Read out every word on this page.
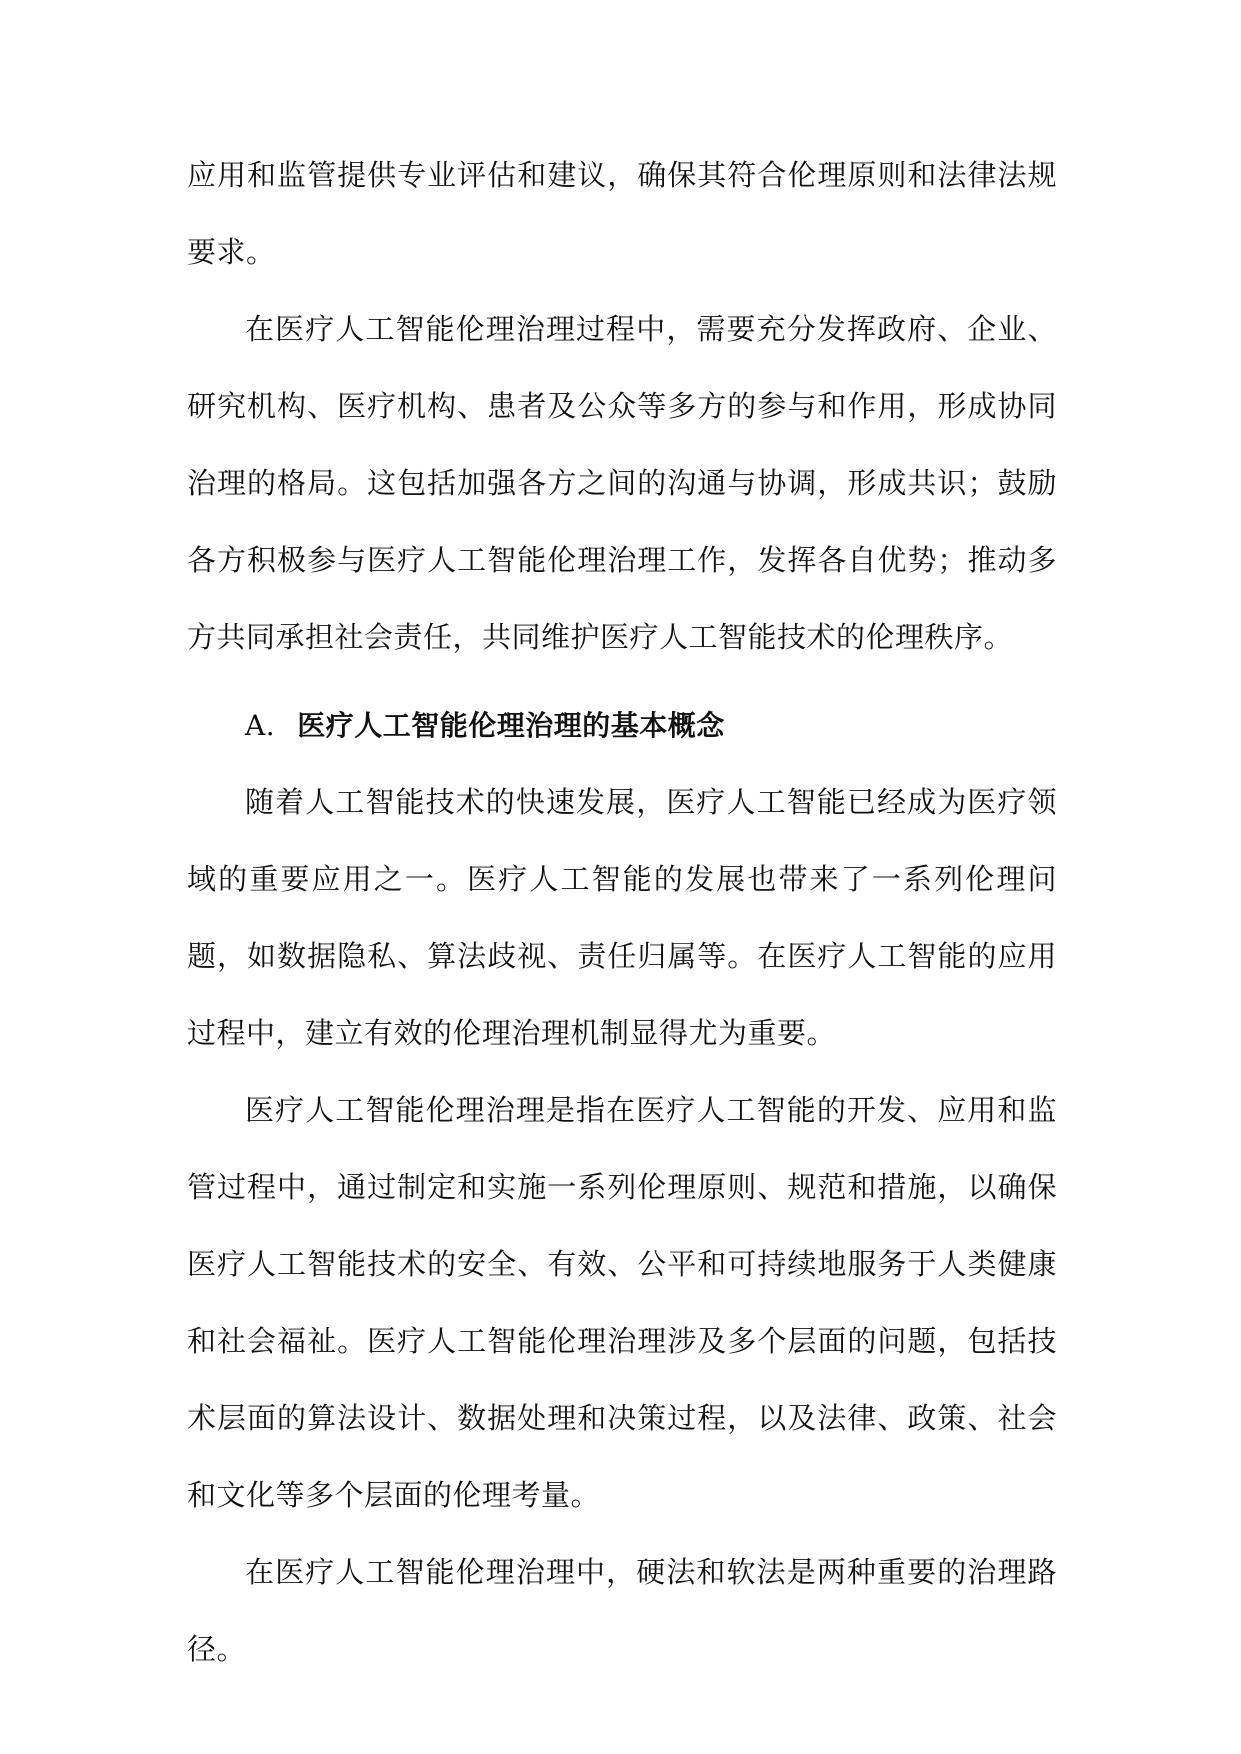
应用和监管提供专业评估和建议，确保其符合伦理原则和法律法规要求。

在医疗人工智能伦理治理过程中，需要充分发挥政府、企业、研究机构、医疗机构、患者及公众等多方的参与和作用，形成协同治理的格局。这包括加强各方之间的沟通与协调，形成共识；鼓励各方积极参与医疗人工智能伦理治理工作，发挥各自优势；推动多方共同承担社会责任，共同维护医疗人工智能技术的伦理秩序。

A. 医疗人工智能伦理治理的基本概念

随着人工智能技术的快速发展，医疗人工智能已经成为医疗领域的重要应用之一。医疗人工智能的发展也带来了一系列伦理问题，如数据隐私、算法歧视、责任归属等。在医疗人工智能的应用过程中，建立有效的伦理治理机制显得尤为重要。

医疗人工智能伦理治理是指在医疗人工智能的开发、应用和监管过程中，通过制定和实施一系列伦理原则、规范和措施，以确保医疗人工智能技术的安全、有效、公平和可持续地服务于人类健康和社会福祉。医疗人工智能伦理治理涉及多个层面的问题，包括技术层面的算法设计、数据处理和决策过程，以及法律、政策、社会和文化等多个层面的伦理考量。

在医疗人工智能伦理治理中，硬法和软法是两种重要的治理路径。
